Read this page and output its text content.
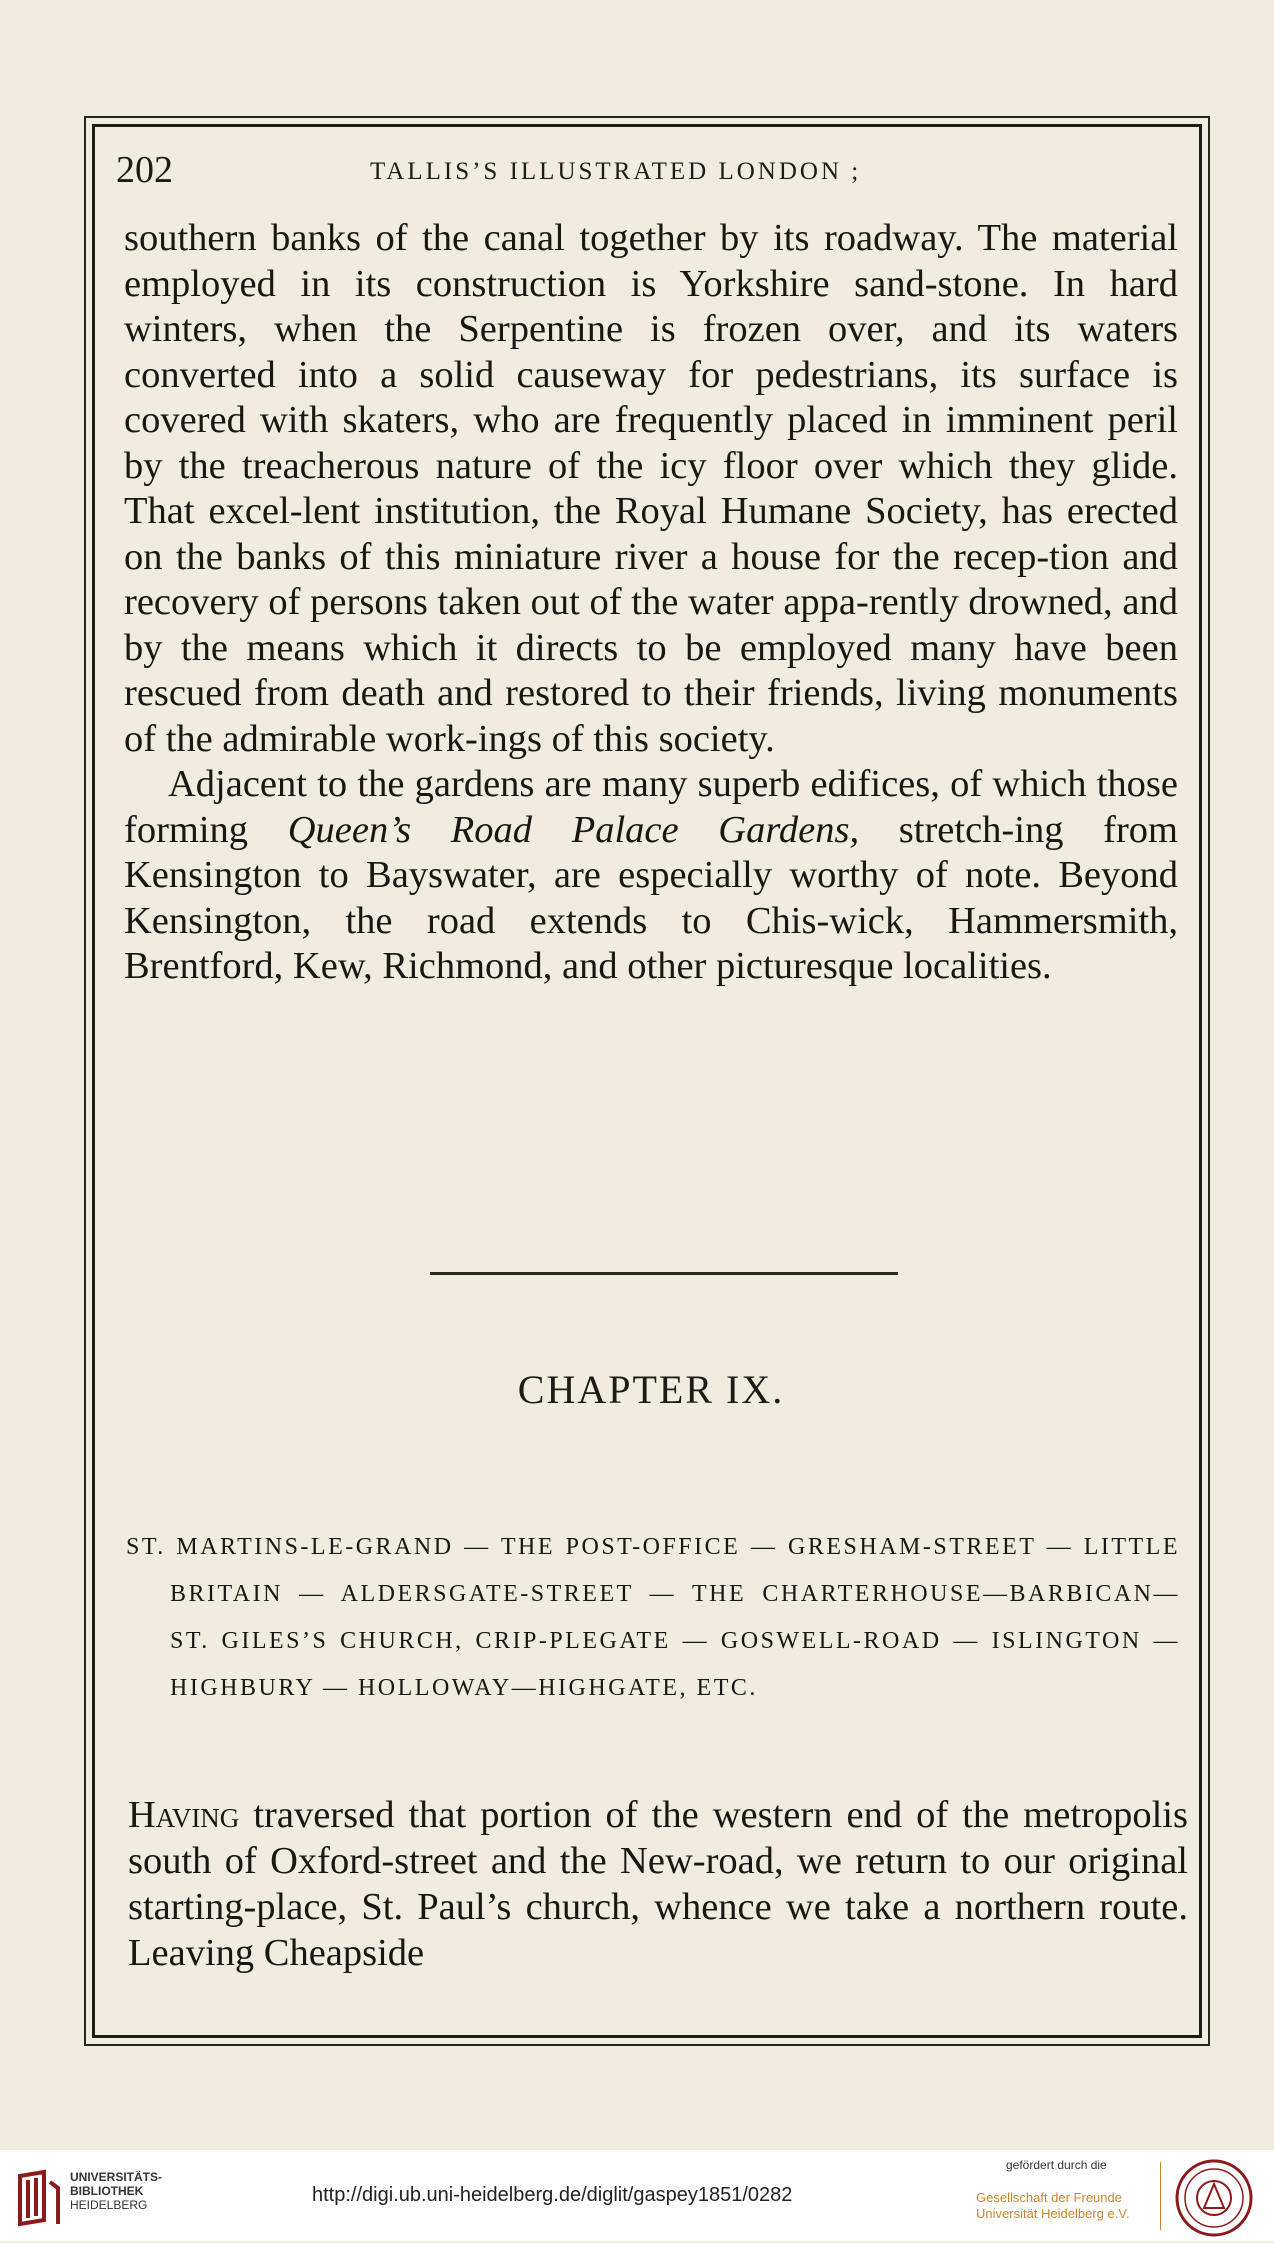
202	TALLIS’S ILLUSTRATED LONDON ;

southern banks of the canal together by its roadway. The material employed in its construction is Yorkshire sand-stone. In hard winters, when the Serpentine is frozen over, and its waters converted into a solid causeway for pedestrians, its surface is covered with skaters, who are frequently placed in imminent peril by the treacherous nature of the icy floor over which they glide. That excel-lent institution, the Royal Humane Society, has erected on the banks of this miniature river a house for the recep-tion and recovery of persons taken out of the water appa-rently drowned, and by the means which it directs to be employed many have been rescued from death and restored to their friends, living monuments of the admirable work-ings of this society.

Adjacent to the gardens are many superb edifices, of which those forming Queen’s Road Palace Gardens, stretch-ing from Kensington to Bayswater, are especially worthy of note. Beyond Kensington, the road extends to Chis-wick, Hammersmith, Brentford, Kew, Richmond, and other picturesque localities.

CHAPTER IX.
ST. MARTINS-LE-GRAND — THE POST-OFFICE — GRESHAM-STREET — LITTLE BRITAIN — ALDERSGATE-STREET — THE CHARTERHOUSE—BARBICAN—ST. GILES’S CHURCH, CRIP-PLEGATE — GOSWELL-ROAD — ISLINGTON — HIGHBURY — HOLLOWAY—HIGHGATE, ETC.
Having traversed that portion of the western end of the metropolis south of Oxford-street and the New-road, we return to our original starting-place, St. Paul’s church, whence we take a northern route. Leaving Cheapside
UNIVERSITÄTS-
BIBLIOTHEK
HEIDELBERG	http://digi.ub.uni-heidelberg.de/diglit/gaspey1851/0282
gefördert durch die
Gesellschaft der Freunde
Universität Heidelberg e.V.
